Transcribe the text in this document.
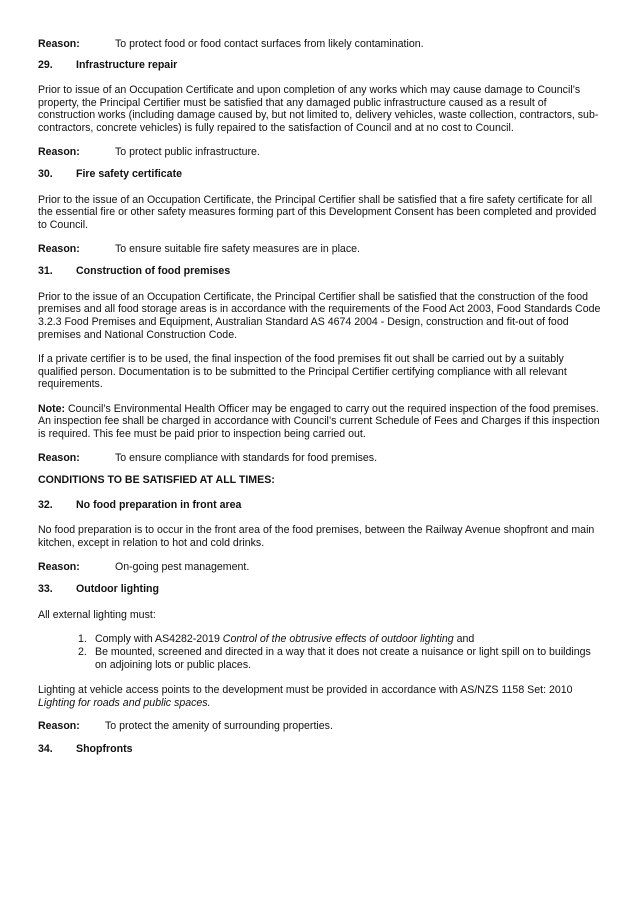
Reason:	To protect food or food contact surfaces from likely contamination.
29.	Infrastructure repair

Prior to issue of an Occupation Certificate and upon completion of any works which may cause damage to Council’s property, the Principal Certifier must be satisfied that any damaged public infrastructure caused as a result of construction works (including damage caused by, but not limited to, delivery vehicles, waste collection, contractors, sub-contractors, concrete vehicles) is fully repaired to the satisfaction of Council and at no cost to Council.

Reason:	To protect public infrastructure.
30.	Fire safety certificate

Prior to the issue of an Occupation Certificate, the Principal Certifier shall be satisfied that a fire safety certificate for all the essential fire or other safety measures forming part of this Development Consent has been completed and provided to Council.

Reason:	To ensure suitable fire safety measures are in place.
31.	Construction of food premises

Prior to the issue of an Occupation Certificate, the Principal Certifier shall be satisfied that the construction of the food premises and all food storage areas is in accordance with the requirements of the Food Act 2003, Food Standards Code 3.2.3 Food Premises and Equipment, Australian Standard AS 4674 2004 - Design, construction and fit-out of food premises and National Construction Code.

If a private certifier is to be used, the final inspection of the food premises fit out shall be carried out by a suitably qualified person. Documentation is to be submitted to the Principal Certifier certifying compliance with all relevant requirements.

Note: Council’s Environmental Health Officer may be engaged to carry out the required inspection of the food premises. An inspection fee shall be charged in accordance with Council’s current Schedule of Fees and Charges if this inspection is required. This fee must be paid prior to inspection being carried out.

Reason:	To ensure compliance with standards for food premises.

CONDITIONS TO BE SATISFIED AT ALL TIMES:

32.	No food preparation in front area

No food preparation is to occur in the front area of the food premises, between the Railway Avenue shopfront and main kitchen, except in relation to hot and cold drinks.

Reason:	On-going pest management.
33.	Outdoor lighting

All external lighting must:

1. Comply with AS4282-2019 Control of the obtrusive effects of outdoor lighting and
2. Be mounted, screened and directed in a way that it does not create a nuisance or light spill on to buildings on adjoining lots or public places.

Lighting at vehicle access points to the development must be provided in accordance with AS/NZS 1158 Set: 2010 Lighting for roads and public spaces.

Reason:	To protect the amenity of surrounding properties.
34.	Shopfronts
